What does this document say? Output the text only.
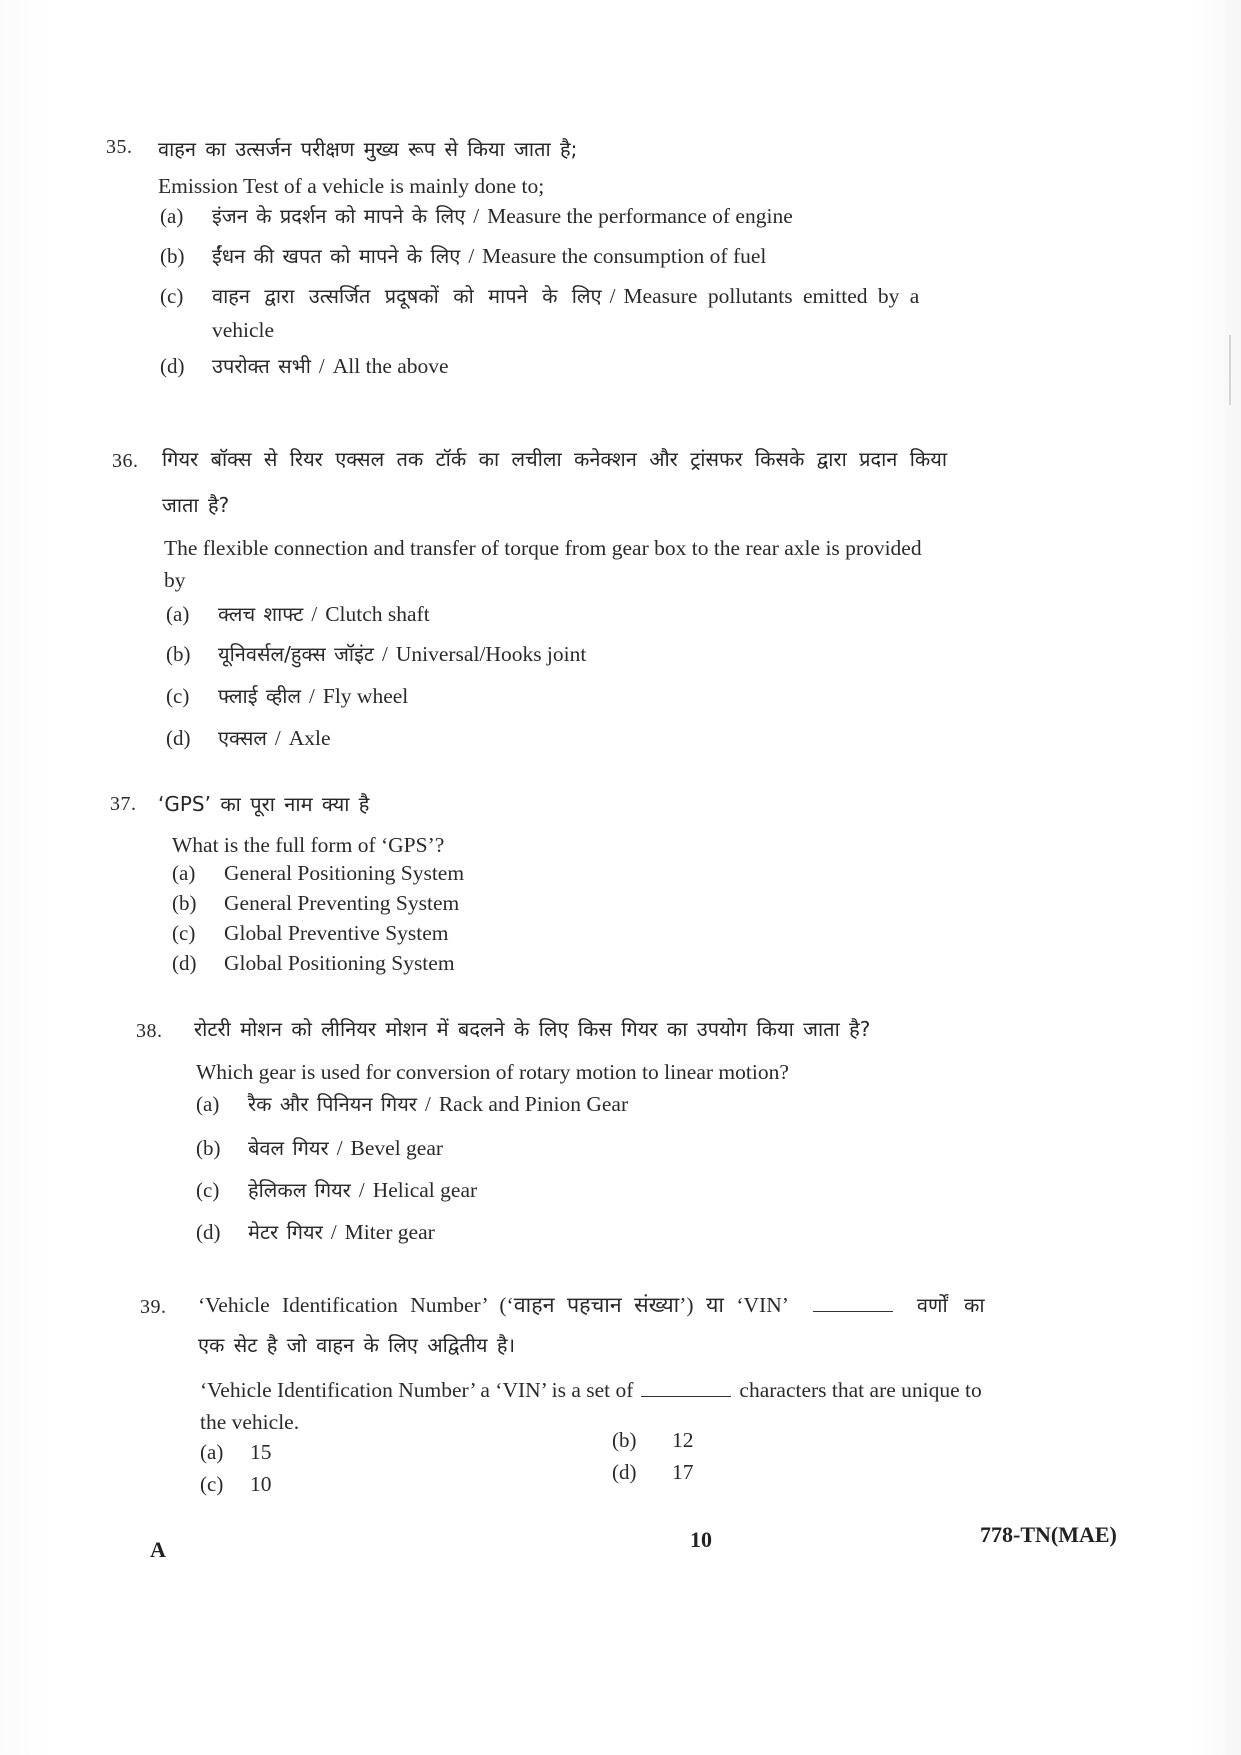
35. वाहन का उत्सर्जन परीक्षण मुख्य रूप से किया जाता है;
Emission Test of a vehicle is mainly done to;
(a) इंजन के प्रदर्शन को मापने के लिए / Measure the performance of engine
(b) ईंधन की खपत को मापने के लिए / Measure the consumption of fuel
(c) वाहन द्वारा उत्सर्जित प्रदूषकों को मापने के लिए / Measure pollutants emitted by a
vehicle
(d) उपरोक्त सभी / All the above
36. गियर बॉक्स से रियर एक्सल तक टॉर्क का लचीला कनेक्शन और ट्रांसफर किसके द्वारा प्रदान किया
जाता है?
The flexible connection and transfer of torque from gear box to the rear axle is provided
by
(a) क्लच शाफ्ट / Clutch shaft
(b) यूनिवर्सल/हुक्स जॉइंट / Universal/Hooks joint
(c) फ्लाई व्हील / Fly wheel
(d) एक्सल / Axle
37. ‘GPS’ का पूरा नाम क्या है
What is the full form of ‘GPS’?
(a) General Positioning System
(b) General Preventing System
(c) Global Preventive System
(d) Global Positioning System
38. रोटरी मोशन को लीनियर मोशन में बदलने के लिए किस गियर का उपयोग किया जाता है?
Which gear is used for conversion of rotary motion to linear motion?
(a) रैक और पिनियन गियर / Rack and Pinion Gear
(b) बेवल गियर / Bevel gear
(c) हेलिकल गियर / Helical gear
(d) मेटर गियर / Miter gear
39. ‘Vehicle Identification Number’ (‘वाहन पहचान संख्या’) या ‘VIN’	वर्णों का
एक सेट है जो वाहन के लिए अद्वितीय है।
‘Vehicle Identification Number’ a ‘VIN’ is a set of	characters that are unique to
the vehicle.
(a) 15	(b) 12
(c) 10	(d) 17
A	10	778-TN(MAE)
